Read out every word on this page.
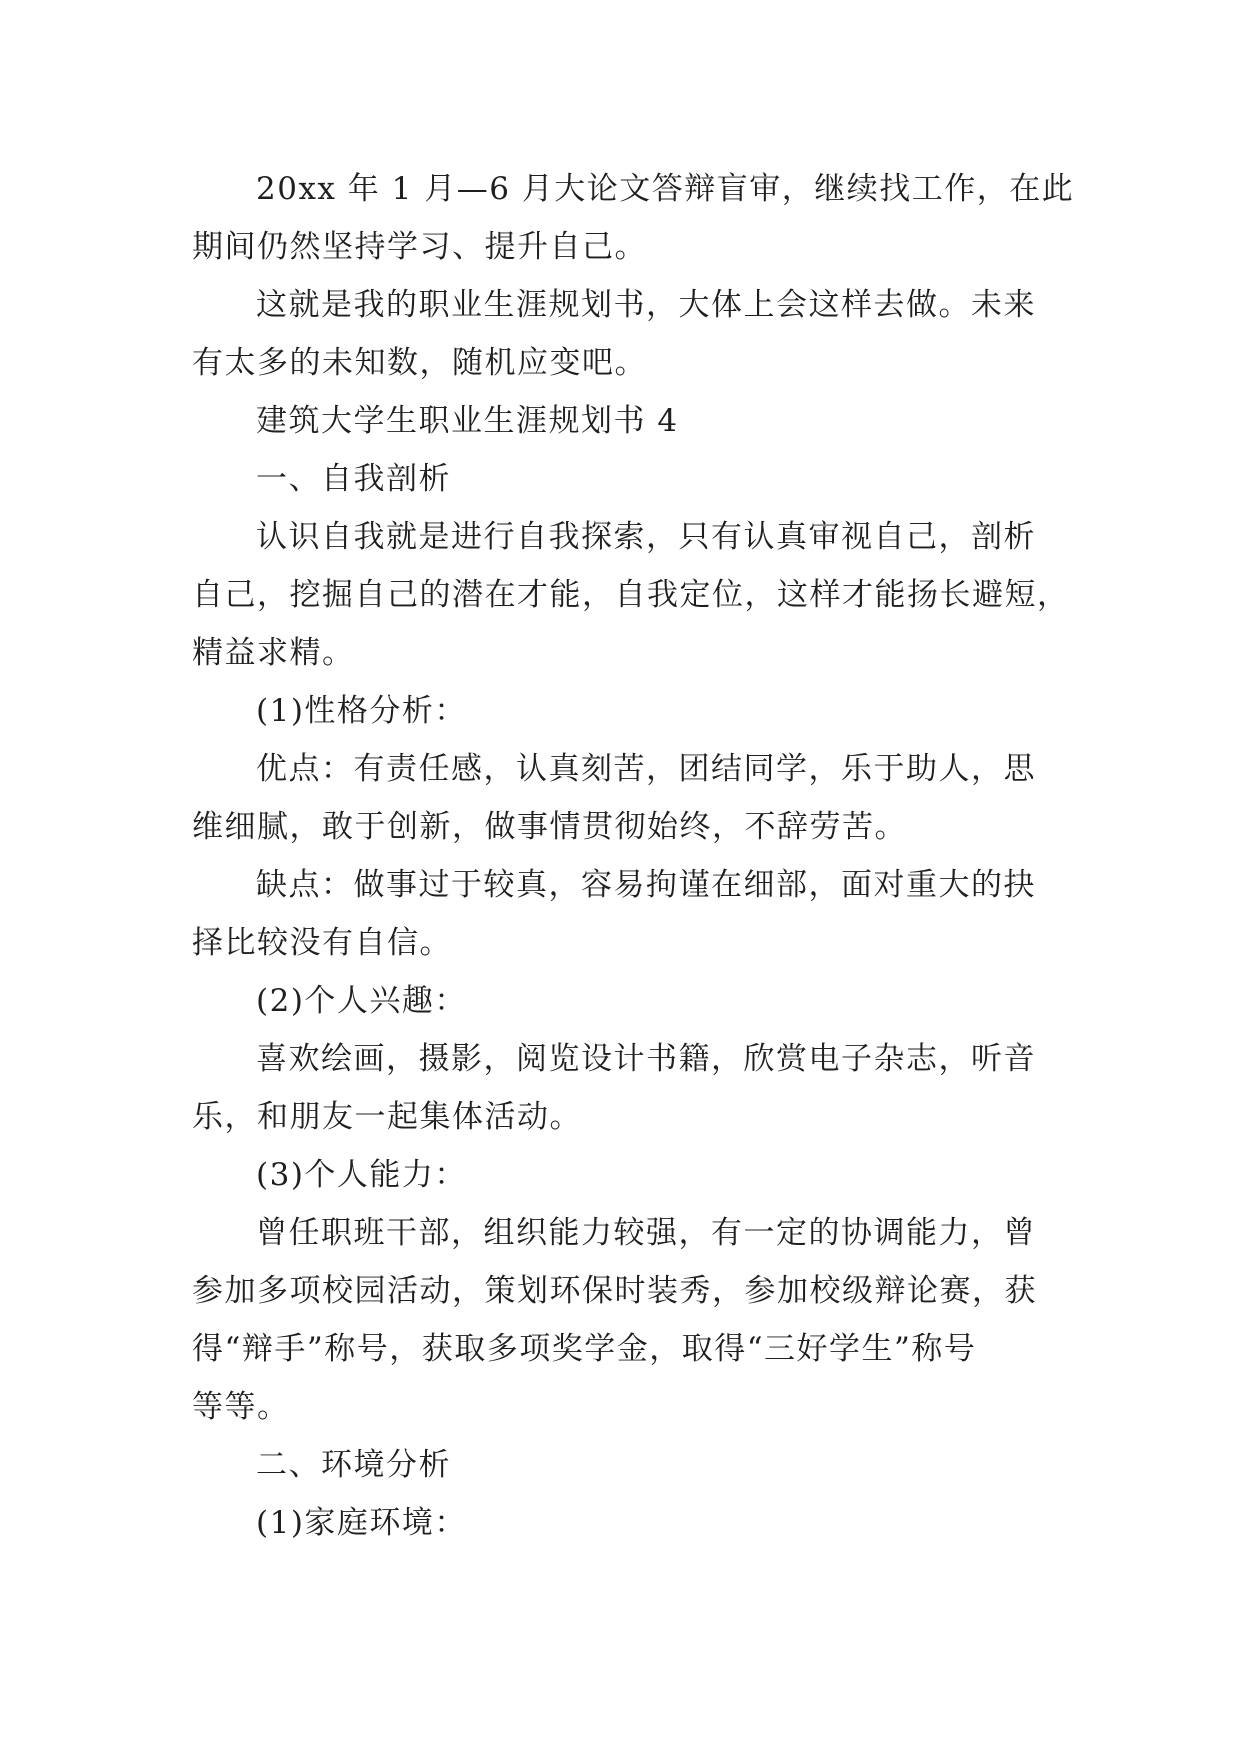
20xx 年 1 月—6 月大论文答辩盲审，继续找工作，在此
期间仍然坚持学习、提升自己。
这就是我的职业生涯规划书，大体上会这样去做。未来
有太多的未知数，随机应变吧。
建筑大学生职业生涯规划书 4
一、自我剖析
认识自我就是进行自我探索，只有认真审视自己，剖析
自己，挖掘自己的潜在才能，自我定位，这样才能扬长避短，
精益求精。
(1)性格分析：
优点：有责任感，认真刻苦，团结同学，乐于助人，思
维细腻，敢于创新，做事情贯彻始终，不辞劳苦。
缺点：做事过于较真，容易拘谨在细部，面对重大的抉
择比较没有自信。
(2)个人兴趣：
喜欢绘画，摄影，阅览设计书籍，欣赏电子杂志，听音
乐，和朋友一起集体活动。
(3)个人能力：
曾任职班干部，组织能力较强，有一定的协调能力，曾
参加多项校园活动，策划环保时装秀，参加校级辩论赛，获
得“辩手”称号，获取多项奖学金，取得“三好学生”称号
等等。
二、环境分析
(1)家庭环境：
